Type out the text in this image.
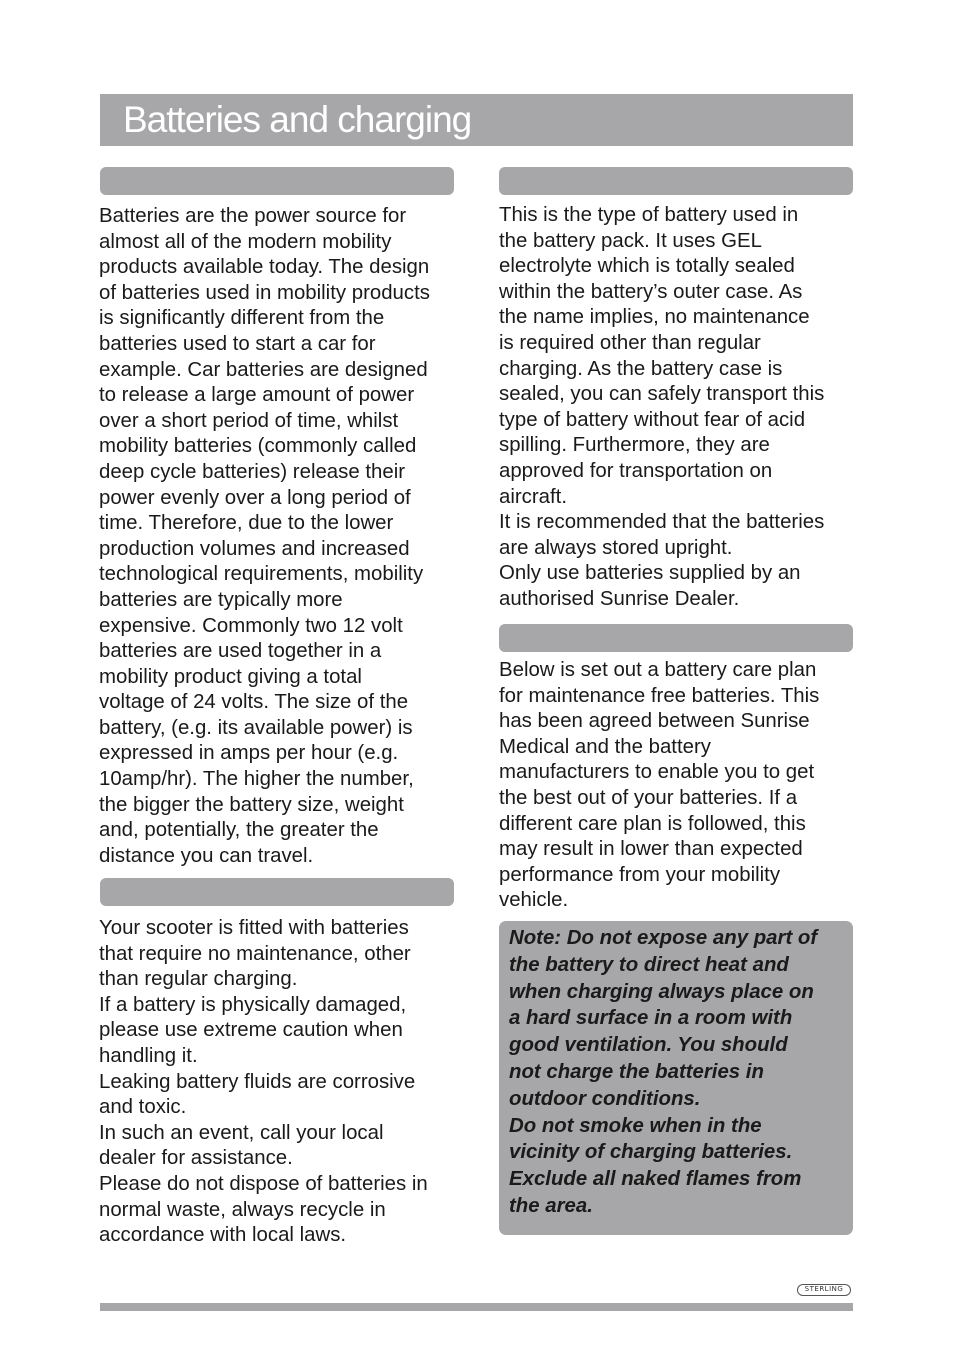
Batteries and charging

Batteries are the power source for
almost all of the modern mobility
products available today. The design
of batteries used in mobility products
is significantly different from the
batteries used to start a car for
example. Car batteries are designed
to release a large amount of power
over a short period of time, whilst
mobility batteries (commonly called
deep cycle batteries) release their
power evenly over a long period of
time. Therefore, due to the lower
production volumes and increased
technological requirements, mobility
batteries are typically more
expensive. Commonly two 12 volt
batteries are used together in a
mobility product giving a total
voltage of 24 volts. The size of the
battery, (e.g. its available power) is
expressed in amps per hour (e.g.
10amp/hr). The higher the number,
the bigger the battery size, weight
and, potentially, the greater the
distance you can travel.

Your scooter is fitted with batteries
that require no maintenance, other
than regular charging.
If a battery is physically damaged,
please use extreme caution when
handling it.
Leaking battery fluids are corrosive
and toxic.
In such an event, call your local
dealer for assistance.
Please do not dispose of batteries in
normal waste, always recycle in
accordance with local laws.

This is the type of battery used in
the battery pack. It uses GEL
electrolyte which is totally sealed
within the battery’s outer case. As
the name implies, no maintenance
is required other than regular
charging. As the battery case is
sealed, you can safely transport this
type of battery without fear of acid
spilling. Furthermore, they are
approved for transportation on
aircraft.
It is recommended that the batteries
are always stored upright.
Only use batteries supplied by an
authorised Sunrise Dealer.

Below is set out a battery care plan
for maintenance free batteries. This
has been agreed between Sunrise
Medical and the battery
manufacturers to enable you to get
the best out of your batteries. If a
different care plan is followed, this
may result in lower than expected
performance from your mobility
vehicle.

Note: Do not expose any part of
the battery to direct heat and
when charging always place on
a hard surface in a room with
good ventilation. You should
not charge the batteries in
outdoor conditions.
Do not smoke when in the
vicinity of charging batteries.
Exclude all naked flames from
the area.

STERLING
